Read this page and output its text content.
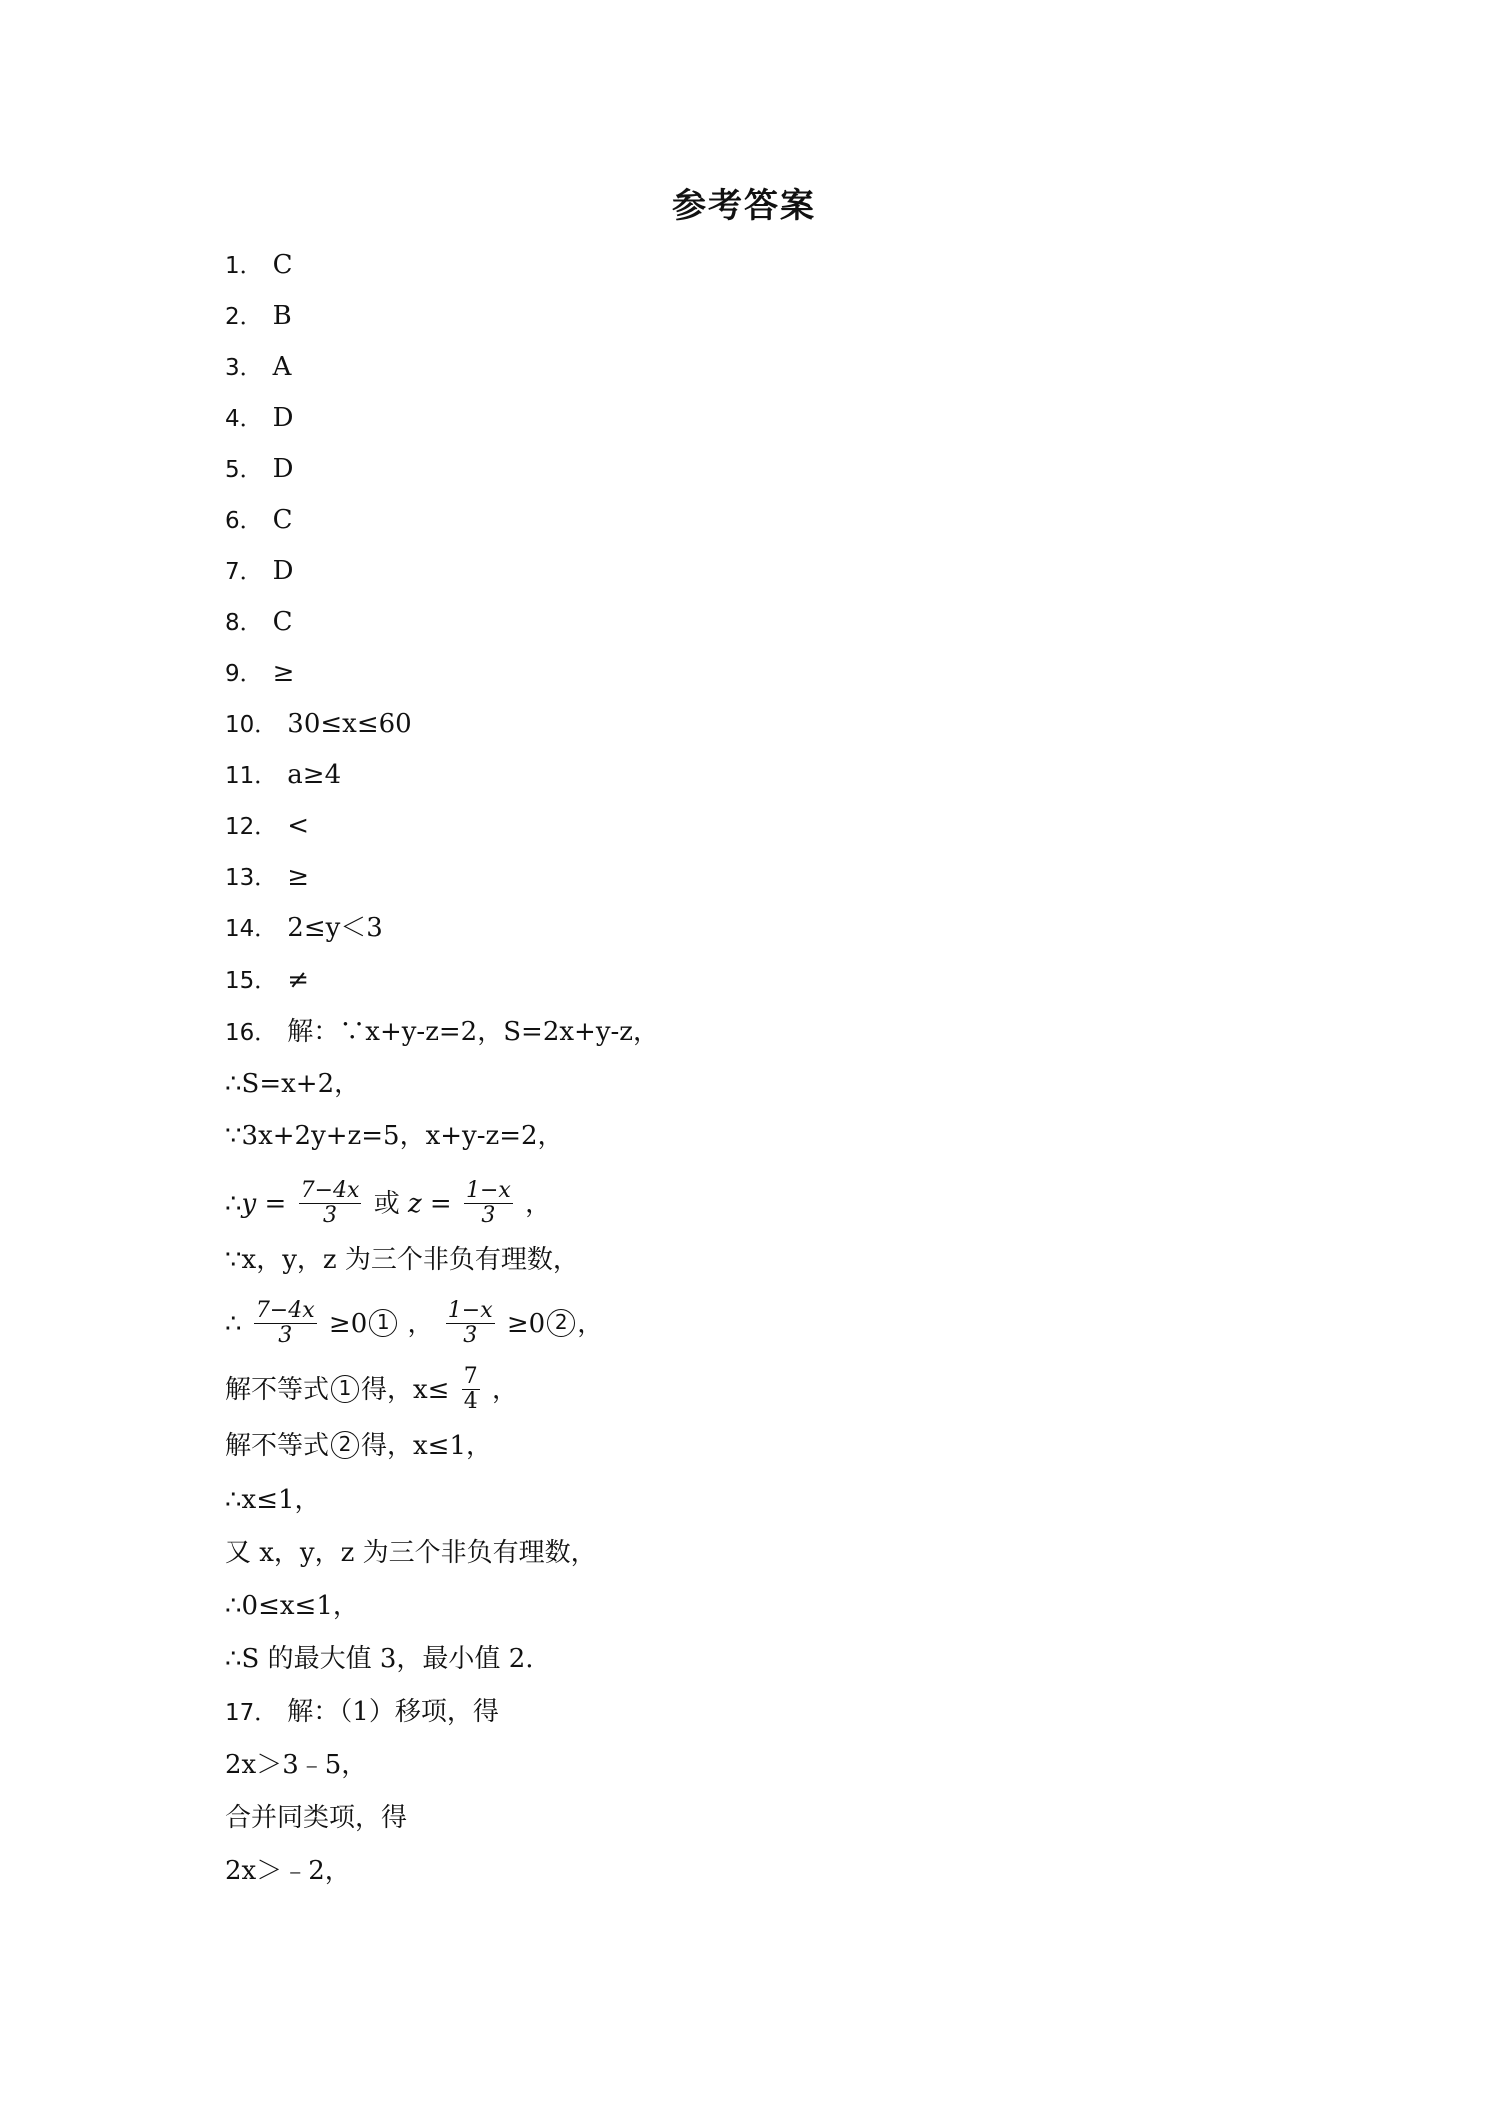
参考答案
1． C
2． B
3． A
4． D
5． D
6． C
7． D
8． C
9． ≥
10． 30≤x≤60
11． a≥4
12． <
13． ≥
14． 2≤y＜3
15． ≠
16． 解：∵x+y-z=2，S=2x+y-z，
∴S=x+2，
∵3x+2y+z=5，x+y-z=2，
∴y = $\frac{7-4x}{3}$ 或 $z = \frac{1-x}{3}$ ，
∵x，y，z 为三个非负有理数，
∴ $\frac{7-4x}{3} \ge 0$ 1 ， $\frac{1-x}{3} \ge 0$ 2 ，
解不等式 1 得，$x\le \frac{7}{4}$ ，
解不等式 2 得，x≤1，
∴x≤1，
又 x，y，z 为三个非负有理数，
∴0≤x≤1，
∴S 的最大值 3，最小值 2.
17． 解：（1）移项，得
2x＞3﹣5，
合并同类项，得
2x＞﹣2，
